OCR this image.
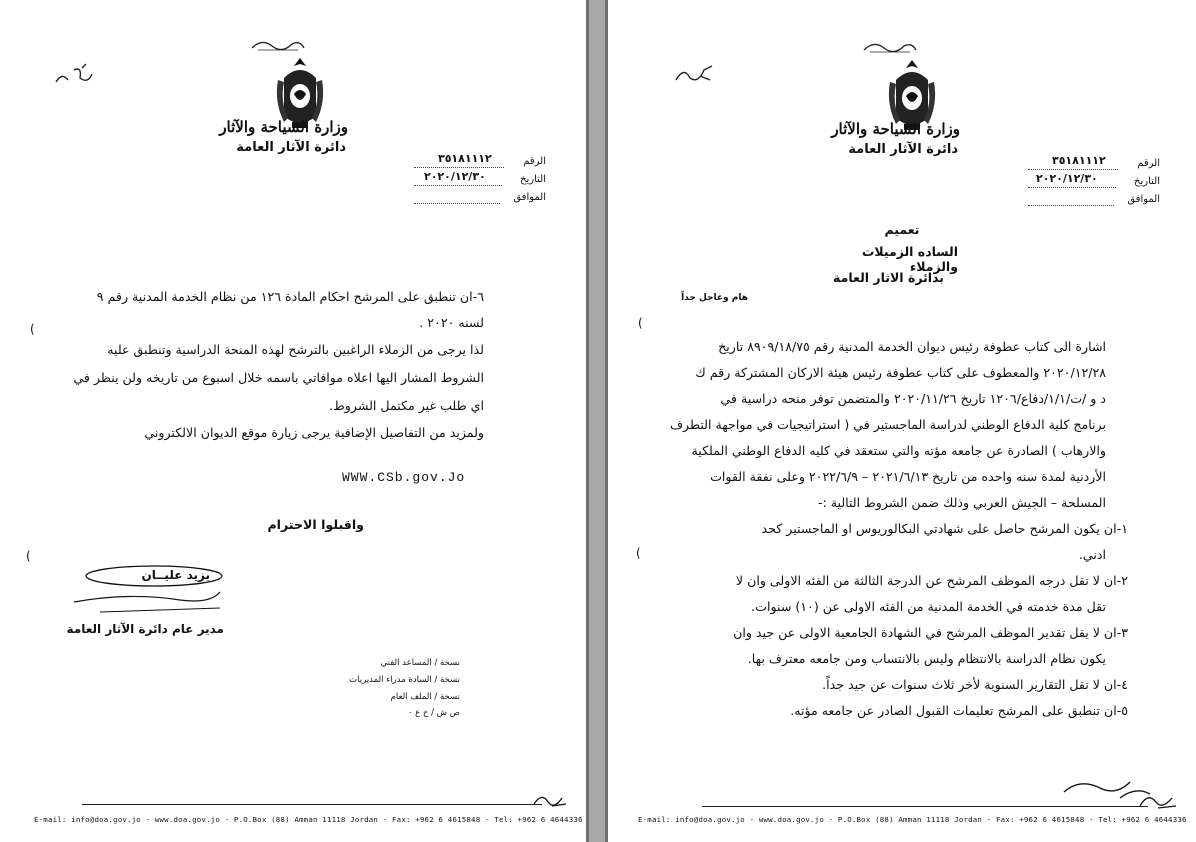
وزارة السياحة والآثار
دائرة الآثار العامة
الرقم
٣٥١٨١١١٢
التاريخ
٢٠٢٠/١٢/٣٠
الموافق
٦-ان تنطبق على المرشح احكام المادة ١٢٦ من نظام الخدمة المدنية رقم ٩
لسنه ٢٠٢٠ .
لذا يرجى من الزملاء الراغبين بالترشح لهذه المنحة الدراسية وتنطبق عليه
الشروط المشار اليها اعلاه موافاتي باسمه خلال اسبوع من تاريخه ولن ينظر في
اي طلب غير مكتمل الشروط.
ولمزيد من التفاصيل الإضافية يرجى زيارة موقع الديوان الالكتروني
WWW.CSb.gov.Jo
واقبلوا الاحترام
(
(
يزيد عليــان
مدير عام دائرة الآثار العامة
نسخة / المساعد الفني
نسخة / السادة مدراء المديريات
نسخة / الملف العام
ص ش / خ ع ٠
E-mail: info@doa.gov.jo - www.doa.gov.jo - P.O.Box (88) Amman 11118 Jordan - Fax: +962 6 4615848 - Tel: +962 6 4644336
وزارة السياحة والآثار
دائرة الآثار العامة
الرقم
٣٥١٨١١١٢
التاريخ
٢٠٢٠/١٢/٣٠
الموافق
تعميم
الساده الزميلات والزملاء
بدائرة الاثار العامة
هام وعاجل جداً
(
(
اشارة الى كتاب عطوفة رئيس ديوان الخدمة المدنية رقم ٨٩٠٩/١٨/٧٥ تاريخ
٢٠٢٠/١٢/٢٨ والمعطوف على كتاب عطوفة رئيس هيئة الاركان المشتركة رقم ك
د و /ت/١/١/دفاع/١٢٠٦ تاريخ ٢٠٢٠/١١/٢٦ والمتضمن توفر منحه دراسية في
برنامج كلية الدفاع الوطني لدراسة الماجستير في ( استراتيجيات في مواجهة التطرف
والارهاب ) الصادرة عن جامعه مؤته والتي ستعقد في كليه الدفاع الوطني الملكية
الأردنية لمدة سنه واحده من تاريخ ٢٠٢١/٦/١٣ – ٢٠٢٢/٦/٩ وعلى نفقة القوات
المسلحة – الجيش العربي وذلك ضمن الشروط التالية :-
١-ان يكون المرشح حاصل على شهادتي البكالوريوس او الماجستير كحد
ادني.
٢-ان لا تقل درجه الموظف المرشح عن الدرجة الثالثة من الفئه الاولى وان لا
تقل مدة خدمته في الخدمة المدنية من الفئه الاولى عن (١٠) سنوات.
٣-ان لا يقل تقدير الموظف المرشح في الشهادة الجامعية الاولى عن جيد وان
يكون نظام الدراسة بالانتظام وليس بالانتساب ومن جامعه معترف بها.
٤-ان لا تقل التقارير السنوية لأخر ثلاث سنوات عن جيد جداً.
٥-ان تنطبق على المرشح تعليمات القبول الصادر عن جامعه مؤته.
E-mail: info@doa.gov.jo - www.doa.gov.jo - P.O.Box (88) Amman 11118 Jordan - Fax: +962 6 4615848 - Tel: +962 6 4644336
